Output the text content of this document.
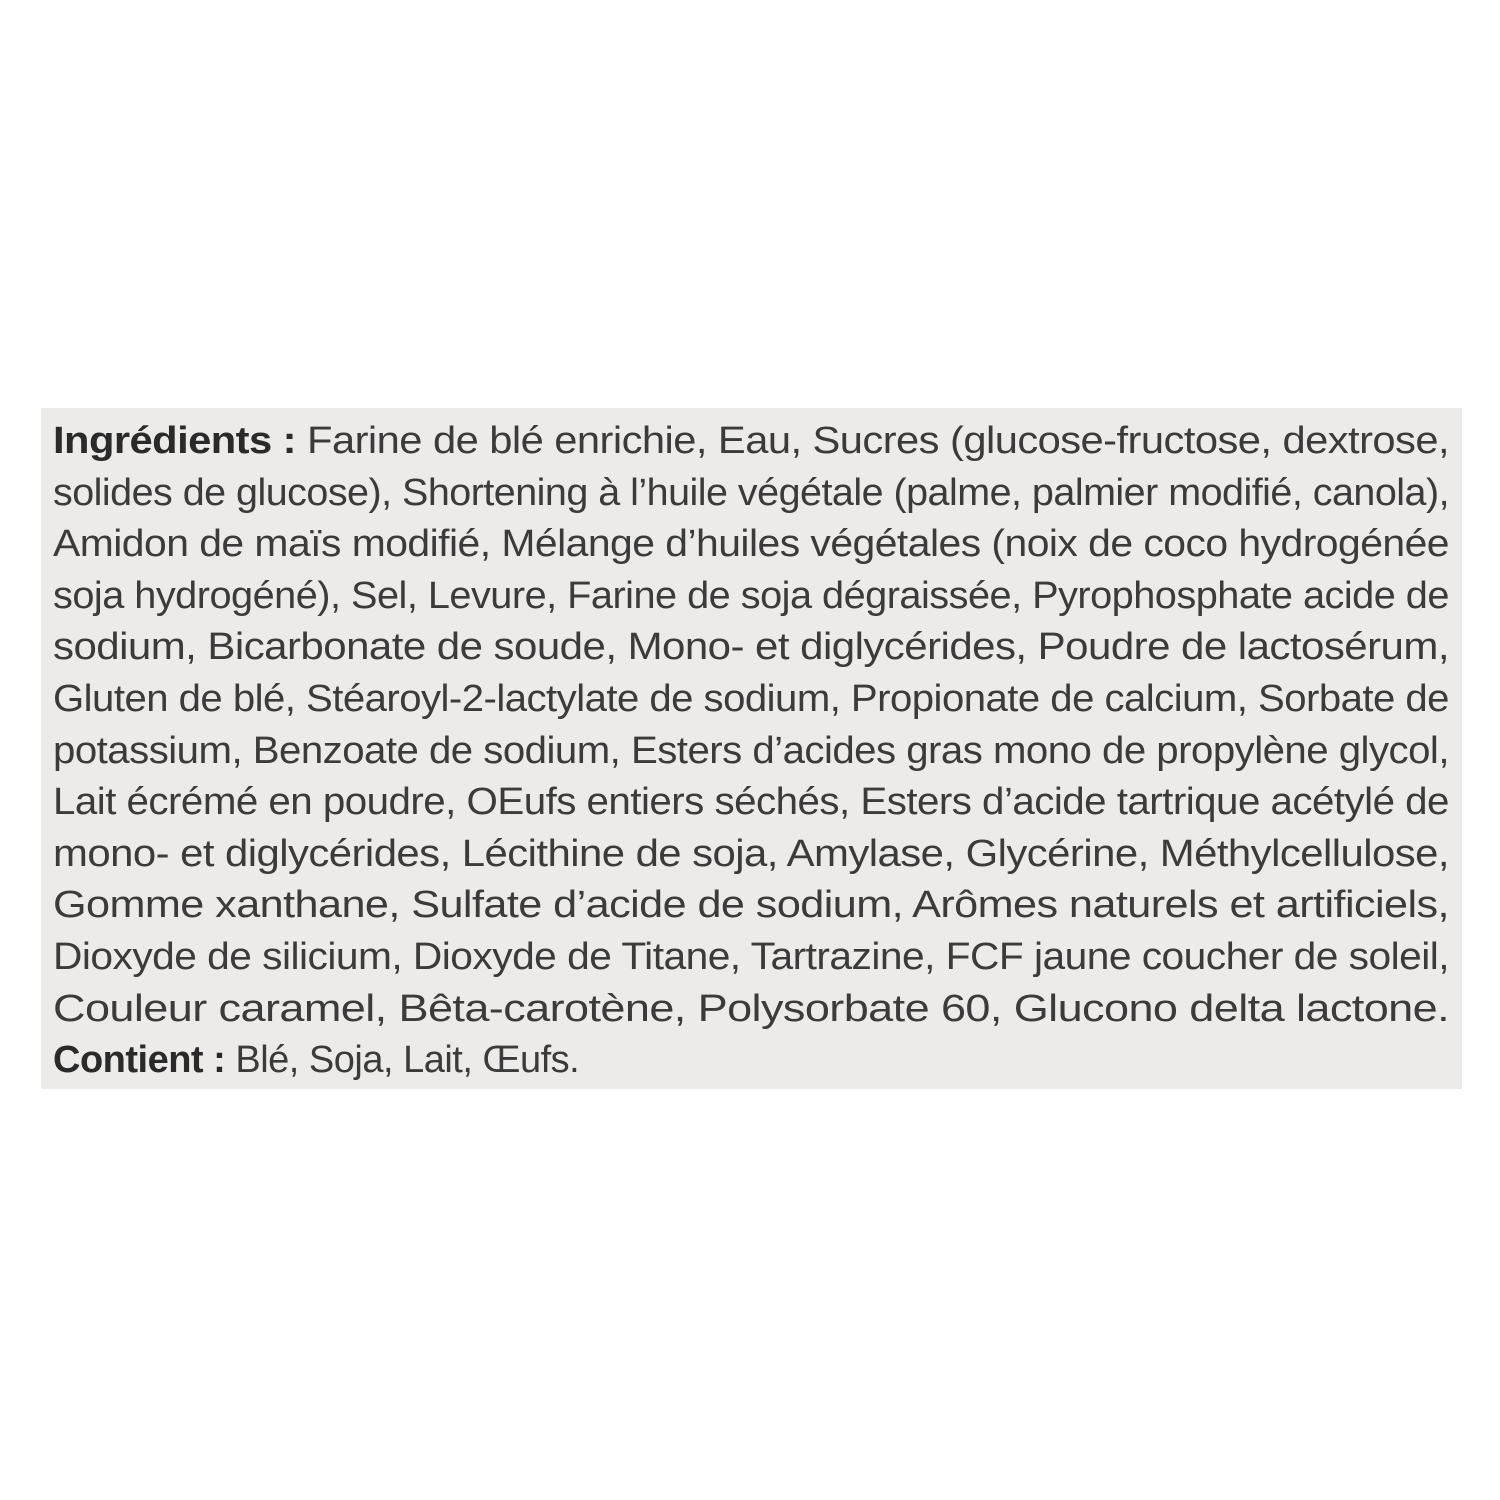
Ingrédients : Farine de blé enrichie, Eau, Sucres (glucose-fructose, dextrose,
solides de glucose), Shortening à l’huile végétale (palme, palmier modifié, canola),
Amidon de maïs modifié, Mélange d’huiles végétales (noix de coco hydrogénée
soja hydrogéné), Sel, Levure, Farine de soja dégraissée, Pyrophosphate acide de
sodium, Bicarbonate de soude, Mono- et diglycérides, Poudre de lactosérum,
Gluten de blé, Stéaroyl-2-lactylate de sodium, Propionate de calcium, Sorbate de
potassium, Benzoate de sodium, Esters d’acides gras mono de propylène glycol,
Lait écrémé en poudre, OEufs entiers séchés, Esters d’acide tartrique acétylé de
mono- et diglycérides, Lécithine de soja, Amylase, Glycérine, Méthylcellulose,
Gomme xanthane, Sulfate d’acide de sodium, Arômes naturels et artificiels,
Dioxyde de silicium, Dioxyde de Titane, Tartrazine, FCF jaune coucher de soleil,
Couleur caramel, Bêta-carotène, Polysorbate 60, Glucono delta lactone.
Contient : Blé, Soja, Lait, Œufs.
